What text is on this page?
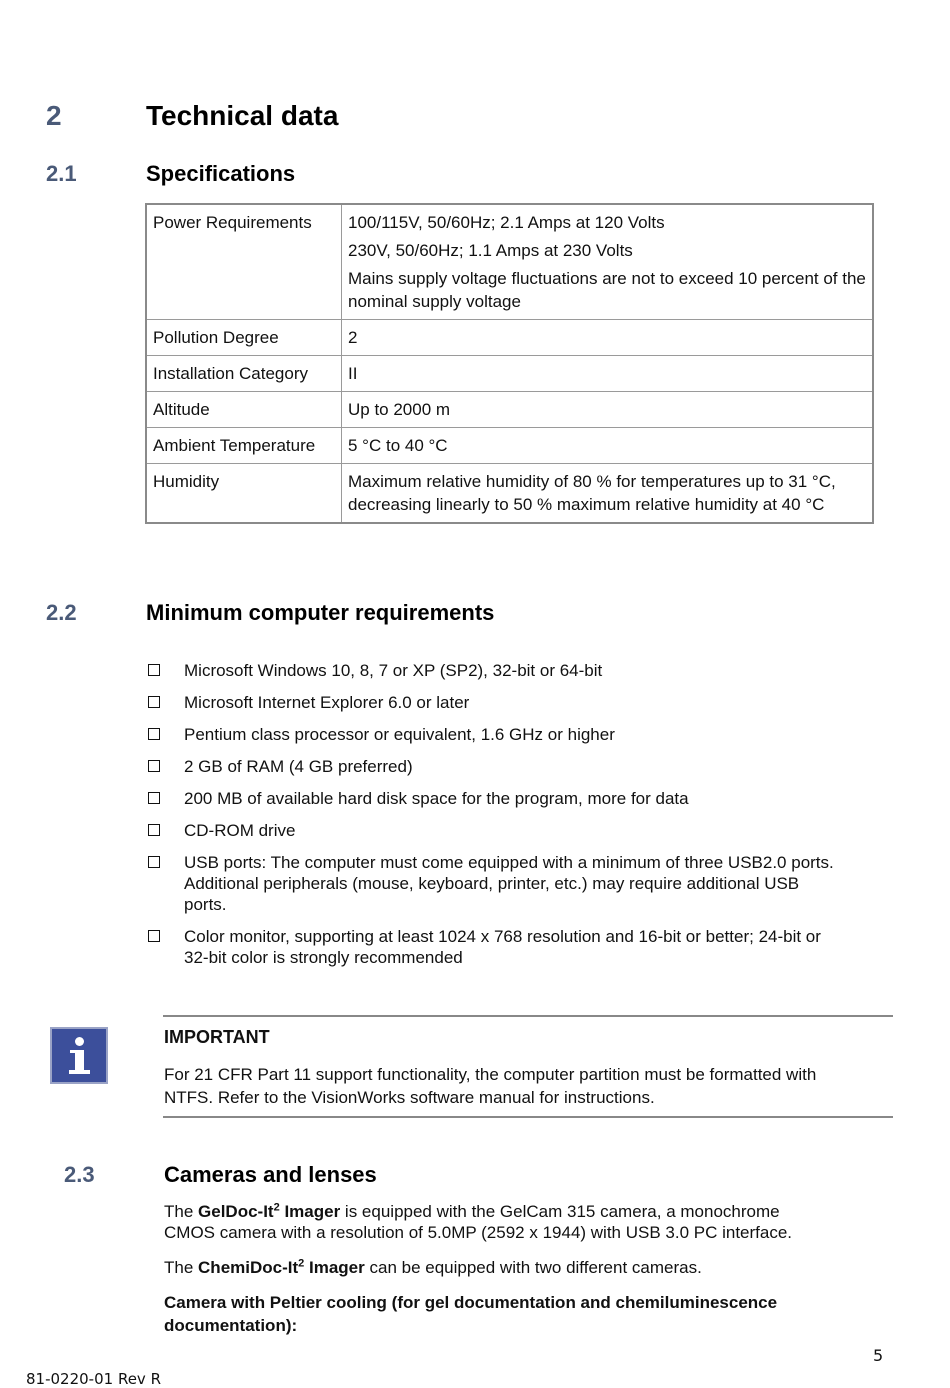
2	Technical data
2.1	Specifications
Power Requirements	100/115V, 50/60Hz; 2.1 Amps at 120 Volts

230V, 50/60Hz; 1.1 Amps at 230 Volts

Mains supply voltage fluctuations are not to exceed 10 percent of the nominal supply voltage

Pollution Degree	2

Installation Category	II

Altitude	Up to 2000 m

Ambient Temperature	5 °C to 40 °C

Humidity	Maximum relative humidity of 80 % for temperatures up to 31 °C, decreasing linearly to 50 % maximum relative humidity at 40 °C

2.2	Minimum computer requirements
Microsoft Windows 10, 8, 7 or XP (SP2), 32-bit or 64-bit
Microsoft Internet Explorer 6.0 or later
Pentium class processor or equivalent, 1.6 GHz or higher
2 GB of RAM (4 GB preferred)
200 MB of available hard disk space for the program, more for data
CD-ROM drive
USB ports: The computer must come equipped with a minimum of three USB2.0 ports. Additional peripherals (mouse, keyboard, printer, etc.) may require additional USB ports.
Color monitor, supporting at least 1024 x 768 resolution and 16-bit or better; 24-bit or 32-bit color is strongly recommended
IMPORTANT
For 21 CFR Part 11 support functionality, the computer partition must be formatted with NTFS. Refer to the VisionWorks software manual for instructions.
2.3	Cameras and lenses
The GelDoc-It$^2$ Imager is equipped with the GelCam 315 camera, a monochrome CMOS camera with a resolution of 5.0MP (2592 x 1944) with USB 3.0 PC interface.
The ChemiDoc-It$^2$ Imager can be equipped with two different cameras.
Camera with Peltier cooling (for gel documentation and chemiluminescence documentation):
5
81-0220-01 Rev R
